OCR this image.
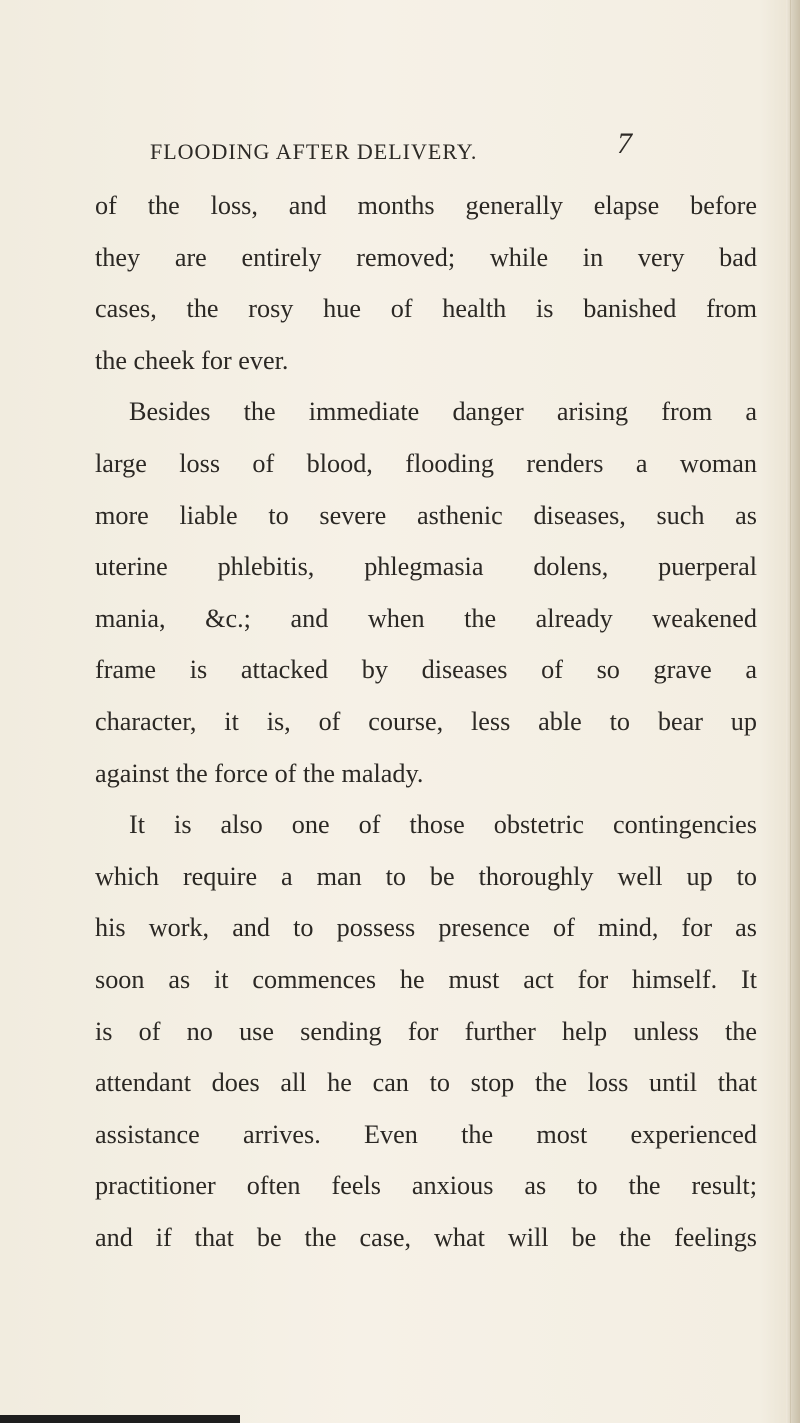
FLOODING AFTER DELIVERY.	7
of the loss, and months generally elapse before
they are entirely removed; while in very bad
cases, the rosy hue of health is banished from
the cheek for ever.
Besides the immediate danger arising from a
large loss of blood, flooding renders a woman
more liable to severe asthenic diseases, such as
uterine phlebitis, phlegmasia dolens, puerperal
mania, &c.; and when the already weakened
frame is attacked by diseases of so grave a
character, it is, of course, less able to bear up
against the force of the malady.
It is also one of those obstetric contingencies
which require a man to be thoroughly well up to
his work, and to possess presence of mind, for as
soon as it commences he must act for himself. It
is of no use sending for further help unless the
attendant does all he can to stop the loss until that
assistance arrives. Even the most experienced
practitioner often feels anxious as to the result;
and if that be the case, what will be the feelings
